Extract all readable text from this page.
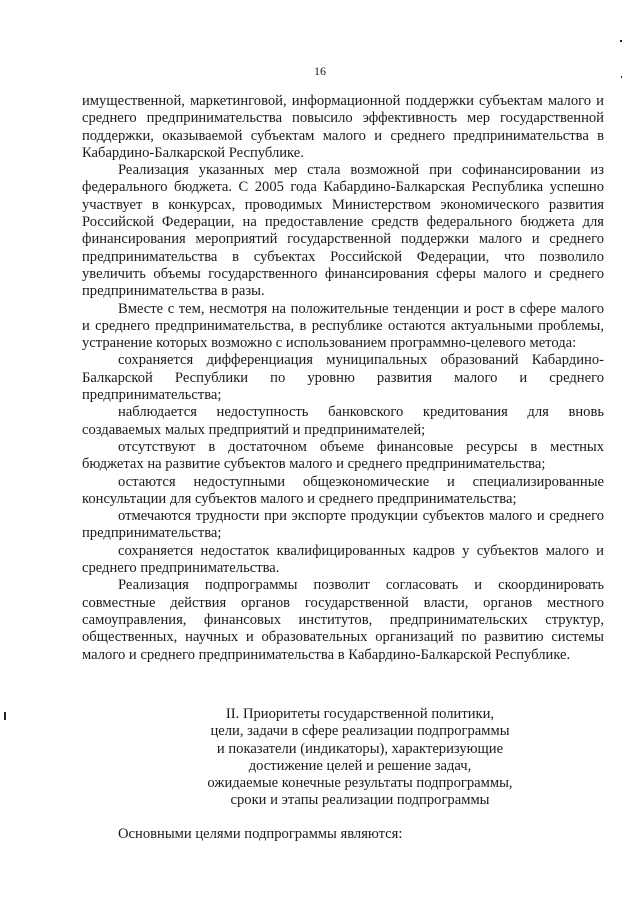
16

имущественной, маркетинговой, информационной поддержки субъектам малого и среднего предпринимательства повысило эффективность мер государственной поддержки, оказываемой субъектам малого и среднего предпринимательства в Кабардино-Балкарской Республике.

Реализация указанных мер стала возможной при софинансировании из федерального бюджета. С 2005 года Кабардино-Балкарская Республика успешно участвует в конкурсах, проводимых Министерством экономического развития Российской Федерации, на предоставление средств федерального бюджета для финансирования мероприятий государственной поддержки малого и среднего предпринимательства в субъектах Российской Федерации, что позволило увеличить объемы государственного финансирования сферы малого и среднего предпринимательства в разы.

Вместе с тем, несмотря на положительные тенденции и рост в сфере малого и среднего предпринимательства, в республике остаются актуальными проблемы, устранение которых возможно с использованием программно-целевого метода:

сохраняется дифференциация муниципальных образований Кабардино-Балкарской Республики по уровню развития малого и среднего предпринимательства;

наблюдается недоступность банковского кредитования для вновь создаваемых малых предприятий и предпринимателей;

отсутствуют в достаточном объеме финансовые ресурсы в местных бюджетах на развитие субъектов малого и среднего предпринимательства;

остаются недоступными общеэкономические и специализированные консультации для субъектов малого и среднего предпринимательства;

отмечаются трудности при экспорте продукции субъектов малого и среднего предпринимательства;

сохраняется недостаток квалифицированных кадров у субъектов малого и среднего предпринимательства.

Реализация подпрограммы позволит согласовать и скоординировать совместные действия органов государственной власти, органов местного самоуправления, финансовых институтов, предпринимательских структур, общественных, научных и образовательных организаций по развитию системы малого и среднего предпринимательства в Кабардино-Балкарской Республике.

II. Приоритеты государственной политики,
цели, задачи в сфере реализации подпрограммы
и показатели (индикаторы), характеризующие
достижение целей и решение задач,
ожидаемые конечные результаты подпрограммы,
сроки и этапы реализации подпрограммы
Основными целями подпрограммы являются:
